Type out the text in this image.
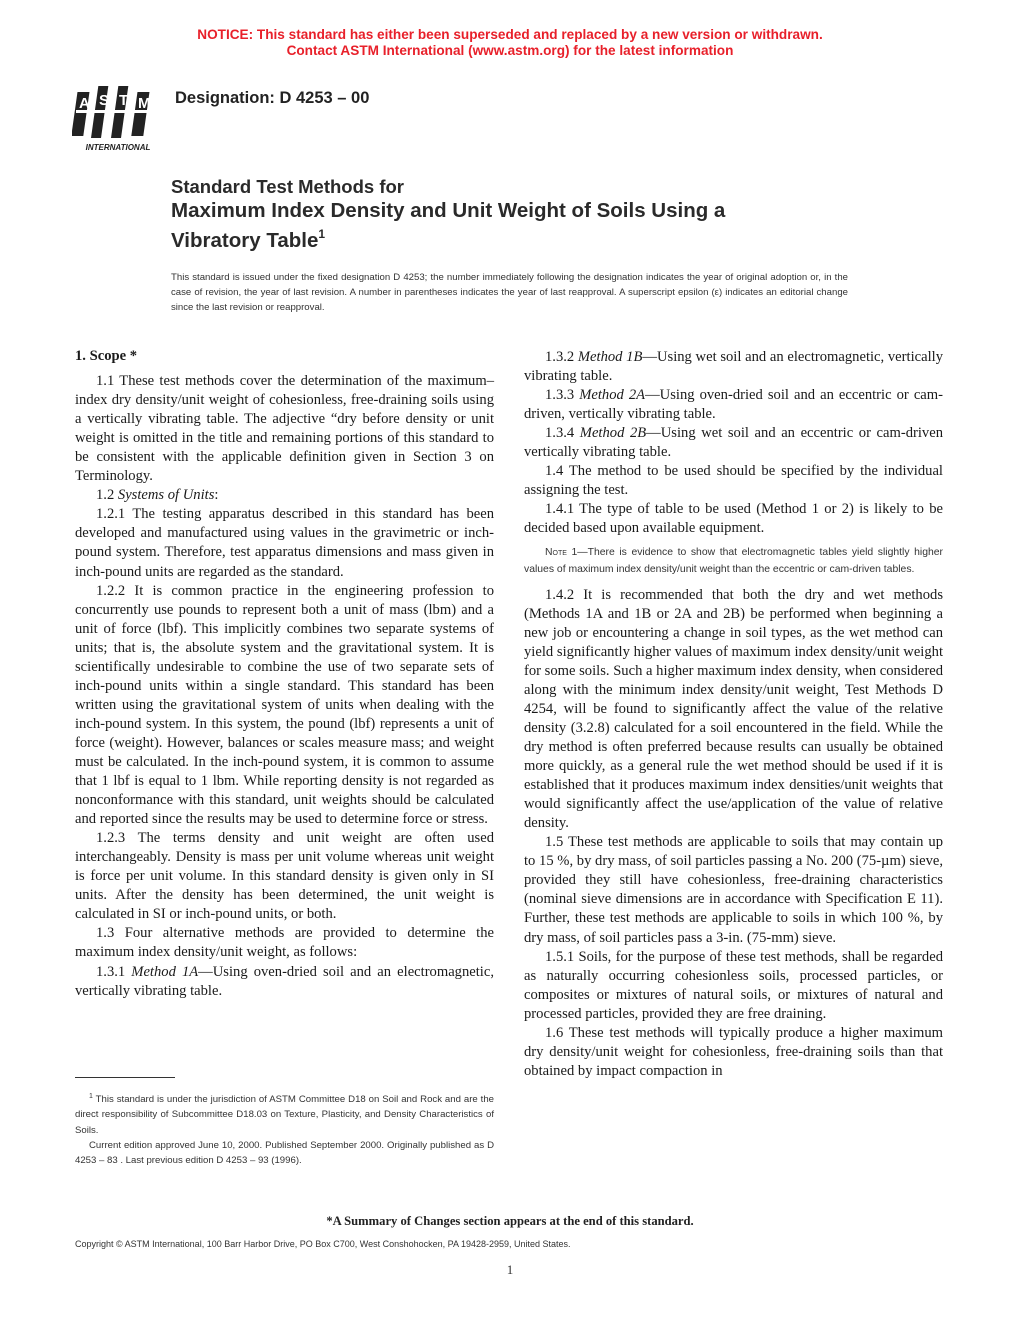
NOTICE: This standard has either been superseded and replaced by a new version or withdrawn.
Contact ASTM International (www.astm.org) for the latest information
A S T M
INTERNATIONAL
Designation: D 4253 – 00
Standard Test Methods for
Maximum Index Density and Unit Weight of Soils Using a
Vibratory Table$^1$
This standard is issued under the fixed designation D 4253; the number immediately following the designation indicates the year of original adoption or, in the case of revision, the year of last revision. A number in parentheses indicates the year of last reapproval. A superscript epsilon (ε) indicates an editorial change since the last revision or reapproval.

1. Scope *

1.1 These test methods cover the determination of the maximum–index dry density/unit weight of cohesionless, free-draining soils using a vertically vibrating table. The adjective “dry before density or unit weight is omitted in the title and remaining portions of this standard to be consistent with the applicable definition given in Section 3 on Terminology.

1.2 Systems of Units:

1.2.1 The testing apparatus described in this standard has been developed and manufactured using values in the gravimetric or inch-pound system. Therefore, test apparatus dimensions and mass given in inch-pound units are regarded as the standard.

1.2.2 It is common practice in the engineering profession to concurrently use pounds to represent both a unit of mass (lbm) and a unit of force (lbf). This implicitly combines two separate systems of units; that is, the absolute system and the gravitational system. It is scientifically undesirable to combine the use of two separate sets of inch-pound units within a single standard. This standard has been written using the gravitational system of units when dealing with the inch-pound system. In this system, the pound (lbf) represents a unit of force (weight). However, balances or scales measure mass; and weight must be calculated. In the inch-pound system, it is common to assume that 1 lbf is equal to 1 lbm. While reporting density is not regarded as nonconformance with this standard, unit weights should be calculated and reported since the results may be used to determine force or stress.

1.2.3 The terms density and unit weight are often used interchangeably. Density is mass per unit volume whereas unit weight is force per unit volume. In this standard density is given only in SI units. After the density has been determined, the unit weight is calculated in SI or inch-pound units, or both.

1.3 Four alternative methods are provided to determine the maximum index density/unit weight, as follows:

1.3.1 Method 1A—Using oven-dried soil and an electromagnetic, vertically vibrating table.

1.3.2 Method 1B—Using wet soil and an electromagnetic, vertically vibrating table.

1.3.3 Method 2A—Using oven-dried soil and an eccentric or cam-driven, vertically vibrating table.

1.3.4 Method 2B—Using wet soil and an eccentric or cam-driven vertically vibrating table.

1.4 The method to be used should be specified by the individual assigning the test.

1.4.1 The type of table to be used (Method 1 or 2) is likely to be decided based upon available equipment.

Note 1—There is evidence to show that electromagnetic tables yield slightly higher values of maximum index density/unit weight than the eccentric or cam-driven tables.

1.4.2 It is recommended that both the dry and wet methods (Methods 1A and 1B or 2A and 2B) be performed when beginning a new job or encountering a change in soil types, as the wet method can yield significantly higher values of maximum index density/unit weight for some soils. Such a higher maximum index density, when considered along with the minimum index density/unit weight, Test Methods D 4254, will be found to significantly affect the value of the relative density (3.2.8) calculated for a soil encountered in the field. While the dry method is often preferred because results can usually be obtained more quickly, as a general rule the wet method should be used if it is established that it produces maximum index densities/unit weights that would significantly affect the use/application of the value of relative density.

1.5 These test methods are applicable to soils that may contain up to 15 %, by dry mass, of soil particles passing a No. 200 (75-µm) sieve, provided they still have cohesionless, free-draining characteristics (nominal sieve dimensions are in accordance with Specification E 11). Further, these test methods are applicable to soils in which 100 %, by dry mass, of soil particles pass a 3-in. (75-mm) sieve.

1.5.1 Soils, for the purpose of these test methods, shall be regarded as naturally occurring cohesionless soils, processed particles, or composites or mixtures of natural soils, or mixtures of natural and processed particles, provided they are free draining.

1.6 These test methods will typically produce a higher maximum dry density/unit weight for cohesionless, free-draining soils than that obtained by impact compaction in

$^1$ This standard is under the jurisdiction of ASTM Committee D18 on Soil and Rock and are the direct responsibility of Subcommittee D18.03 on Texture, Plasticity, and Density Characteristics of Soils.

Current edition approved June 10, 2000. Published September 2000. Originally published as D 4253 – 83 . Last previous edition D 4253 – 93 (1996).

*A Summary of Changes section appears at the end of this standard.
Copyright © ASTM International, 100 Barr Harbor Drive, PO Box C700, West Conshohocken, PA 19428-2959, United States.
1
